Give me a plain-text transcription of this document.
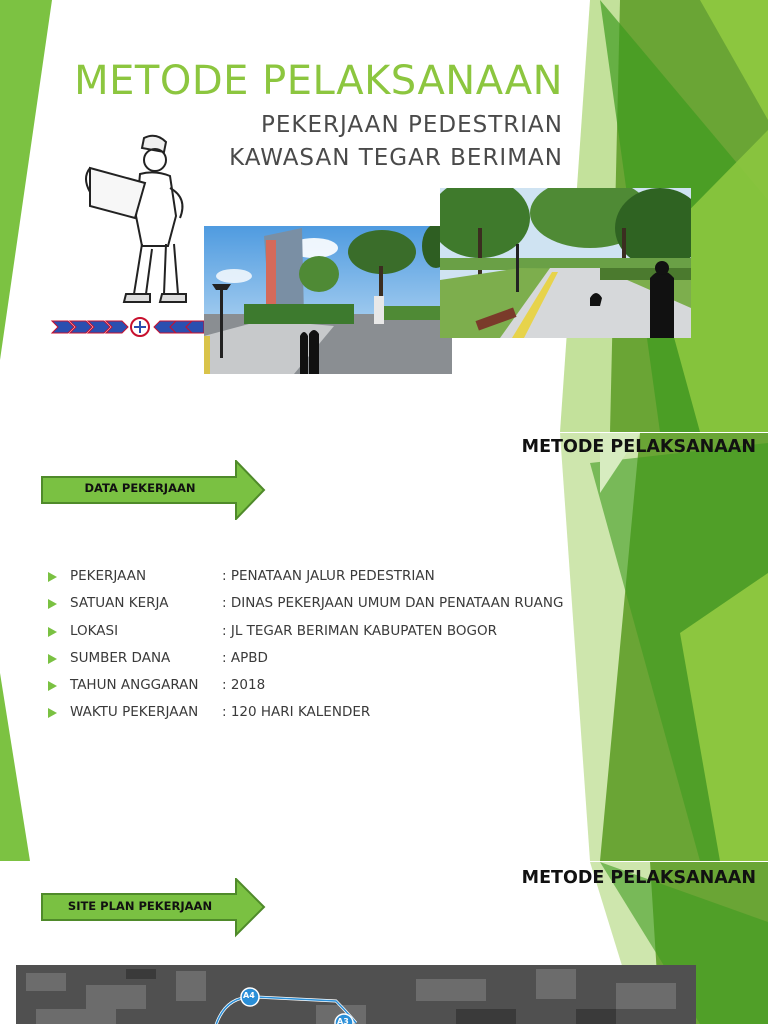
METODE PELAKSANAAN
PEKERJAAN PEDESTRIAN
KAWASAN TEGAR BERIMAN
METODE PELAKSANAAN
DATA PEKERJAAN
PEKERJAAN	: PENATAAN JALUR PEDESTRIAN
SATUAN KERJA	: DINAS PEKERJAAN UMUM DAN PENATAAN RUANG
LOKASI	: JL TEGAR BERIMAN KABUPATEN BOGOR
SUMBER DANA	: APBD
TAHUN ANGGARAN : 2018
WAKTU PEKERJAAN : 120 HARI KALENDER
METODE PELAKSANAAN
SITE PLAN PEKERJAAN
A4
A3
